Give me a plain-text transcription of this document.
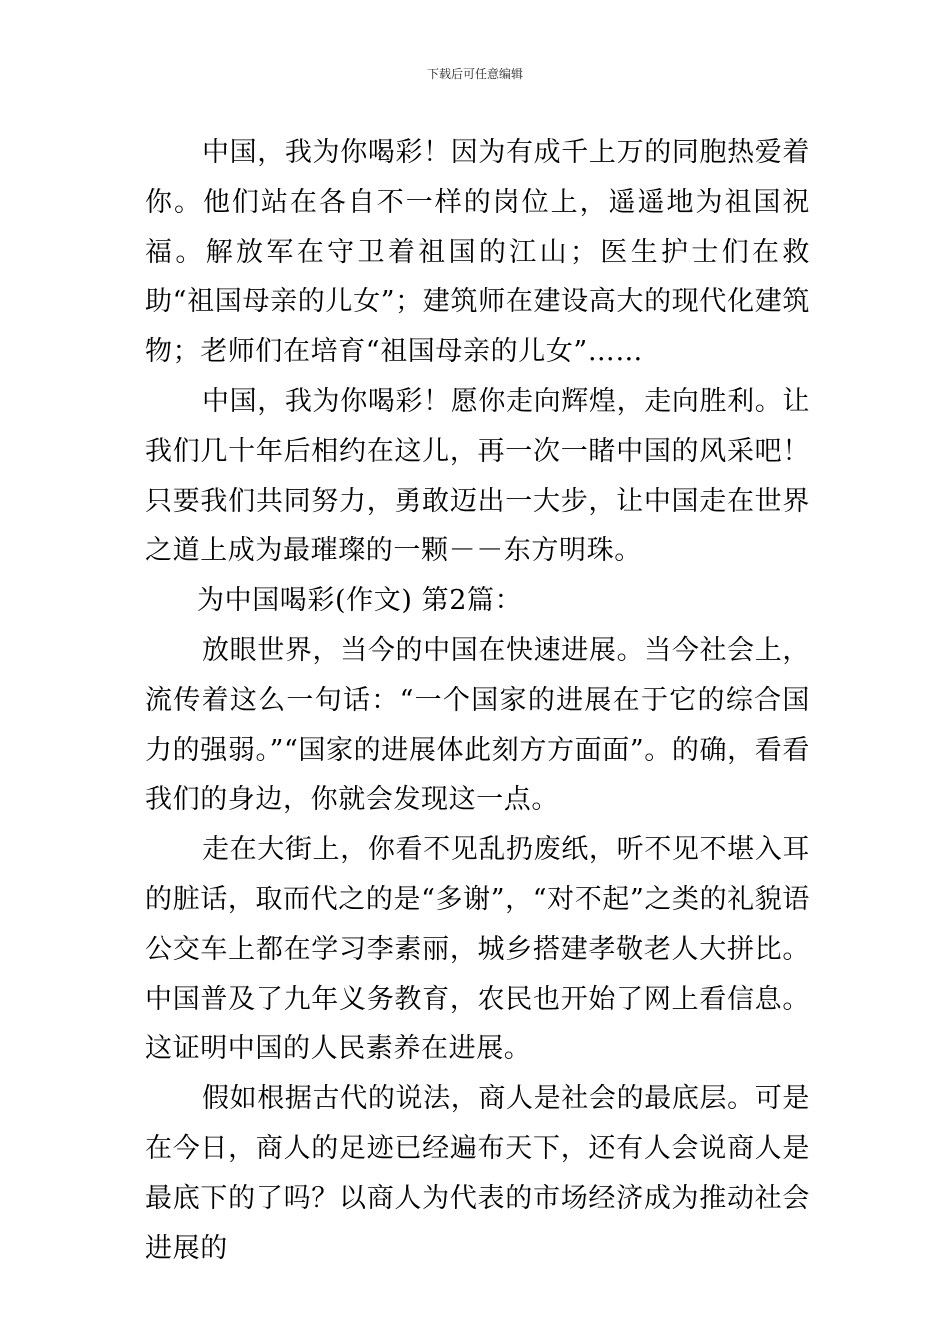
下载后可任意编辑

中国，我为你喝彩！因为有成千上万的同胞热爱着你。他们站在各自不一样的岗位上，遥遥地为祖国祝福。解放军在守卫着祖国的江山；医生护士们在救助“祖国母亲的儿女”；建筑师在建设高大的现代化建筑物；老师们在培育“祖国母亲的儿女”……

中国，我为你喝彩！愿你走向辉煌，走向胜利。让我们几十年后相约在这儿，再一次一睹中国的风采吧！只要我们共同努力，勇敢迈出一大步，让中国走在世界之道上成为最璀璨的一颗－－东方明珠。

为中国喝彩(作文) 第2篇：

放眼世界，当今的中国在快速进展。当今社会上，流传着这么一句话：“一个国家的进展在于它的综合国力的强弱。”“国家的进展体此刻方方面面”。的确，看看我们的身边，你就会发现这一点。

走在大街上，你看不见乱扔废纸，听不见不堪入耳的脏话，取而代之的是“多谢”，“对不起”之类的礼貌语公交车上都在学习李素丽，城乡搭建孝敬老人大拼比。中国普及了九年义务教育，农民也开始了网上看信息。这证明中国的人民素养在进展。

假如根据古代的说法，商人是社会的最底层。可是在今日，商人的足迹已经遍布天下，还有人会说商人是最底下的了吗？以商人为代表的市场经济成为推动社会进展的
